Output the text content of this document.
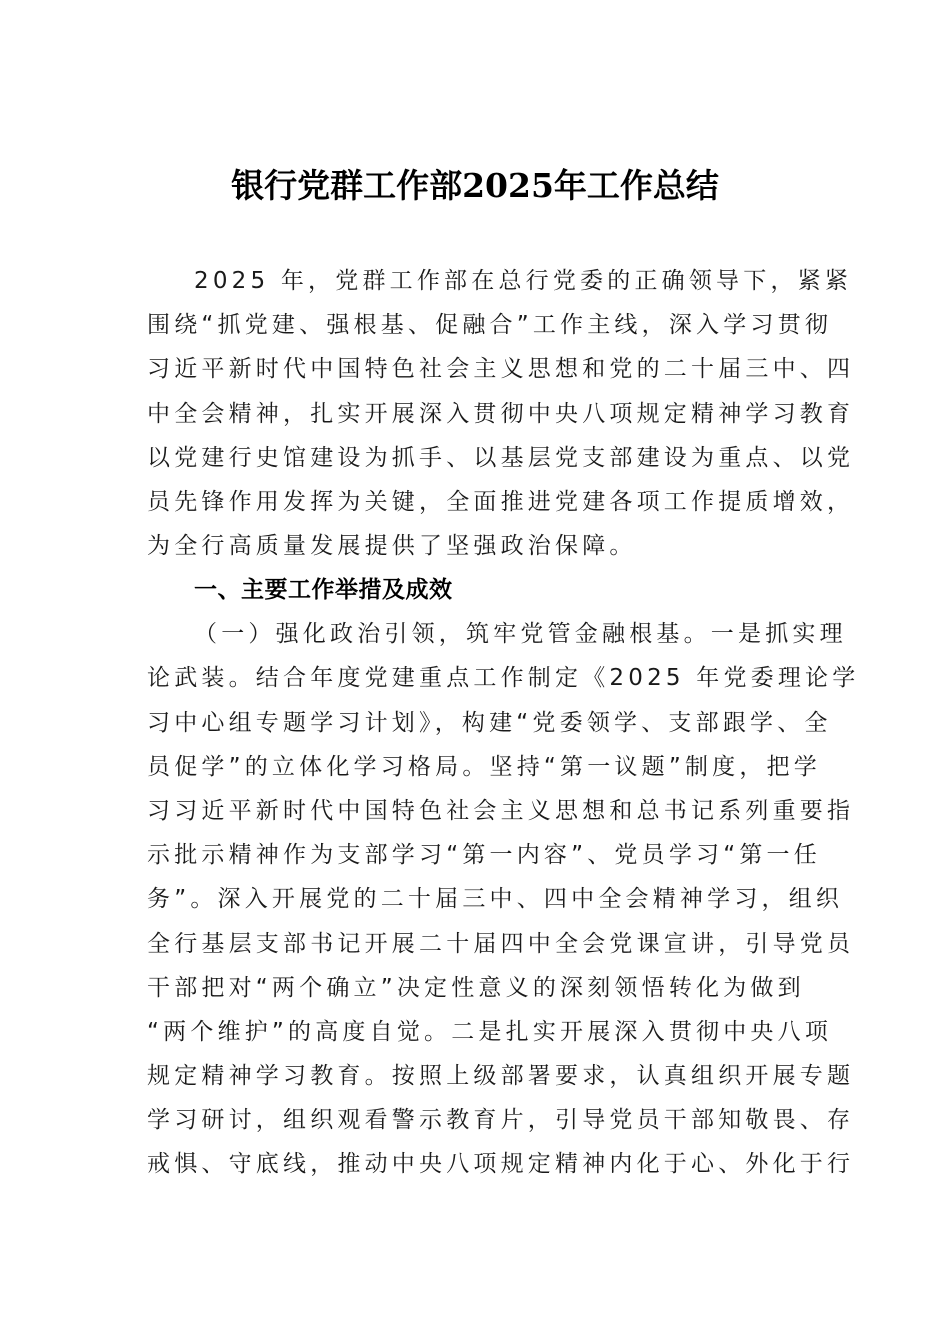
银行党群工作部2025年工作总结
2025 年，党群工作部在总行党委的正确领导下，紧紧
围绕“抓党建、强根基、促融合”工作主线，深入学习贯彻
习近平新时代中国特色社会主义思想和党的二十届三中、四
中全会精神，扎实开展深入贯彻中央八项规定精神学习教育
以党建行史馆建设为抓手、以基层党支部建设为重点、以党
员先锋作用发挥为关键，全面推进党建各项工作提质增效，
为全行高质量发展提供了坚强政治保障。
一、主要工作举措及成效
（一）强化政治引领，筑牢党管金融根基。一是抓实理
论武装。结合年度党建重点工作制定《2025 年党委理论学
习中心组专题学习计划》，构建“党委领学、支部跟学、全
员促学”的立体化学习格局。坚持“第一议题”制度，把学
习习近平新时代中国特色社会主义思想和总书记系列重要指
示批示精神作为支部学习“第一内容”、党员学习“第一任
务”。深入开展党的二十届三中、四中全会精神学习，组织
全行基层支部书记开展二十届四中全会党课宣讲，引导党员
干部把对“两个确立”决定性意义的深刻领悟转化为做到
“两个维护”的高度自觉。二是扎实开展深入贯彻中央八项
规定精神学习教育。按照上级部署要求，认真组织开展专题
学习研讨，组织观看警示教育片，引导党员干部知敬畏、存
戒惧、守底线，推动中央八项规定精神内化于心、外化于行
